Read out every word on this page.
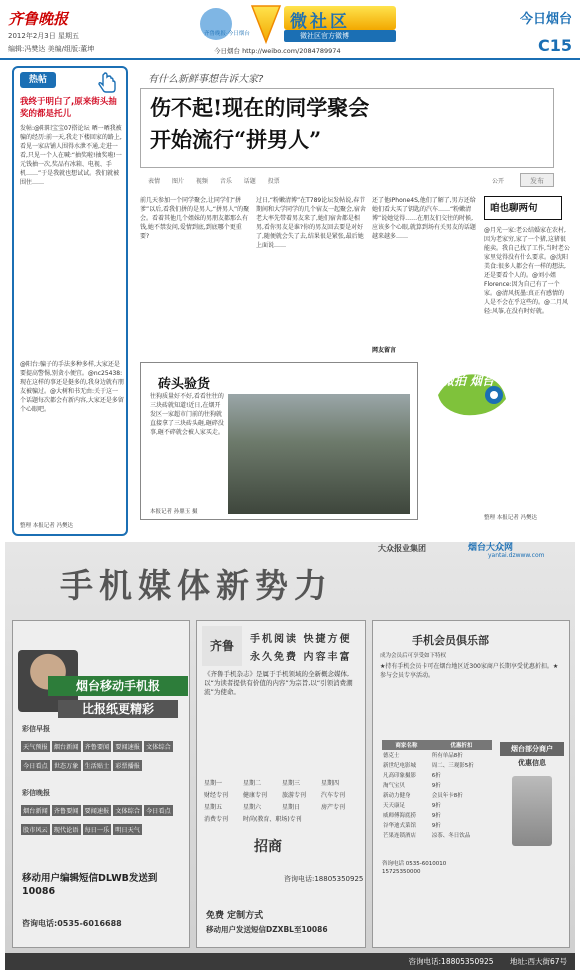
齐鲁晚报
2012年2月3日 星期五
编辑:冯樊达 美编/组版:董坤
齐鲁晚报·今日烟台
微社区
微社区官方微博
今日烟台 http://weibo.com/2084789974
今日烟台
C15
热帖
我终于明白了,原来街头抽奖的都是托儿
发帖:@阳阳宝宝07搭论坛 晒一晒我被骗的经历:前一天,我走下楼回家的路上,看见一家店铺人围得水泄不通,走进一看,只见一个人在喊:“抽奖啦!抽奖啦!一元钱抽一次,奖品有冰箱、电视、手机……”于是我就也想试试。我们就被围住……
@阳台:骗子的手法多种多样,大家还是要提高警惕,别贪小便宜。@nc25438:现在这样的事还是挺多的,我身边就有朋友被骗过。@大树和书无由:关于这一个话题每次都会有新内容,大家还是多留个心眼吧。
整理 本报记者 冯樊达
有什么新鲜事想告诉大家?
伤不起!现在的同学聚会
开始流行“拼男人”
表情 图片 视频 音乐 话题 投票	公开	发布
前几天参加一个同学聚会,让同学们“拼爹”以后,看我们拼的是男人,“拼男人”的聚会。看着其他几个姐妹的男朋友都那么有钱,她不禁发问,爱情到底,到底哪个更重要?
过日,“粉嫩清博”在T789论坛发帖说,春节期间和大学同学的几个宿友一起聚会,宿舍老大率先带着男友来了,她们宿舍都是相男,看你男友是谁?你的男友回去要是对好了,随便就会失了去,结果很是紧张,最后她上面说……
还了他iPhone4S,他们了解了,男方还给她们看大买了钥匙的汽车……“粉嫩清博”说她觉得……在朋友们交往的时候,应该多个心眼,就算到场有关男友的话题越来越多……
网友留言
砖头验货
往狗质量好不好,看看往往的三块砖就知道!近日,在烟开发区一家超市门前的往狗就直接拿了三块砖头砸,砸碎没事,砸不碎就会被人家买走。
本报记者 孙鼎玉 摄
微拍 烟台
咱也聊两句
@月光一家:老公结婚家在农村,因为老家穷,家了一个猪,这猪很能卖。我自己找了工作,当时老公家里觉得没有什么要求。@沈阳美食:很多人都会有一样的想法,还是要看个人的。@刘小姐Florence:因为自己有了一个家。@清风抚墨:真正有感情的人是不会在乎这些的。@二月风轻:风筝,在没有时好就。
整理 本报记者 冯樊达
大众报业集团	烟台大众网
yantai.dzwww.com
手机媒体新势力
烟台移动手机报
比报纸更精彩
彩信早报
天气预报 烟台新闻 齐鲁要闻 要闻速报 文体综合今日看点 世态万象 生活贴士 彩票播报
彩信晚报
烟台新闻 齐鲁要闻 要闻速报 文体综合 今日看点股市风云 现代论语 每日一乐 明日天气
移动用户编辑短信DLWB发送到10086
咨询电话:0535-6016688
齐鲁	手机阅读 快捷方便
永久免费 内容丰富
《齐鲁手机杂志》是属于手机领域的全新概念媒体,以“为读者提供有价值的内容”为宗旨,以“引领消费潮流”为使命。
星期一	星期二	星期三	星期四
财经专刊	健康专刊	旅游专刊	汽车专刊
星期五	星期六	星期日	房产专刊
消费专刊	时尚(教育、职场)专刊
招商
咨询电话:18805350925
免费 定制方式
移动用户发送短信DZXBL至10086
手机会员俱乐部
成为会员后可享受如下特权
★持有手机会员卡可在烟台地区近300家商户长期享受优惠折扣。★参与会员专享活动。
商家名称	优惠折扣
德克士	所有单品8折
新世纪电影城	周二、三观影5折
凡高印象摄影	6折
淘气宝贝	9折
新动力健身	会员年卡8折
天天康足	9折
威师傅海底捞	9折
谷华迪式菜馆	9折
芒果连锁酒店	凉茶、冬日饮品
烟台部分商户
优惠信息
咨询电话 0535-6010010 15725350000
咨询电话:18805350925 地址:西大街67号
